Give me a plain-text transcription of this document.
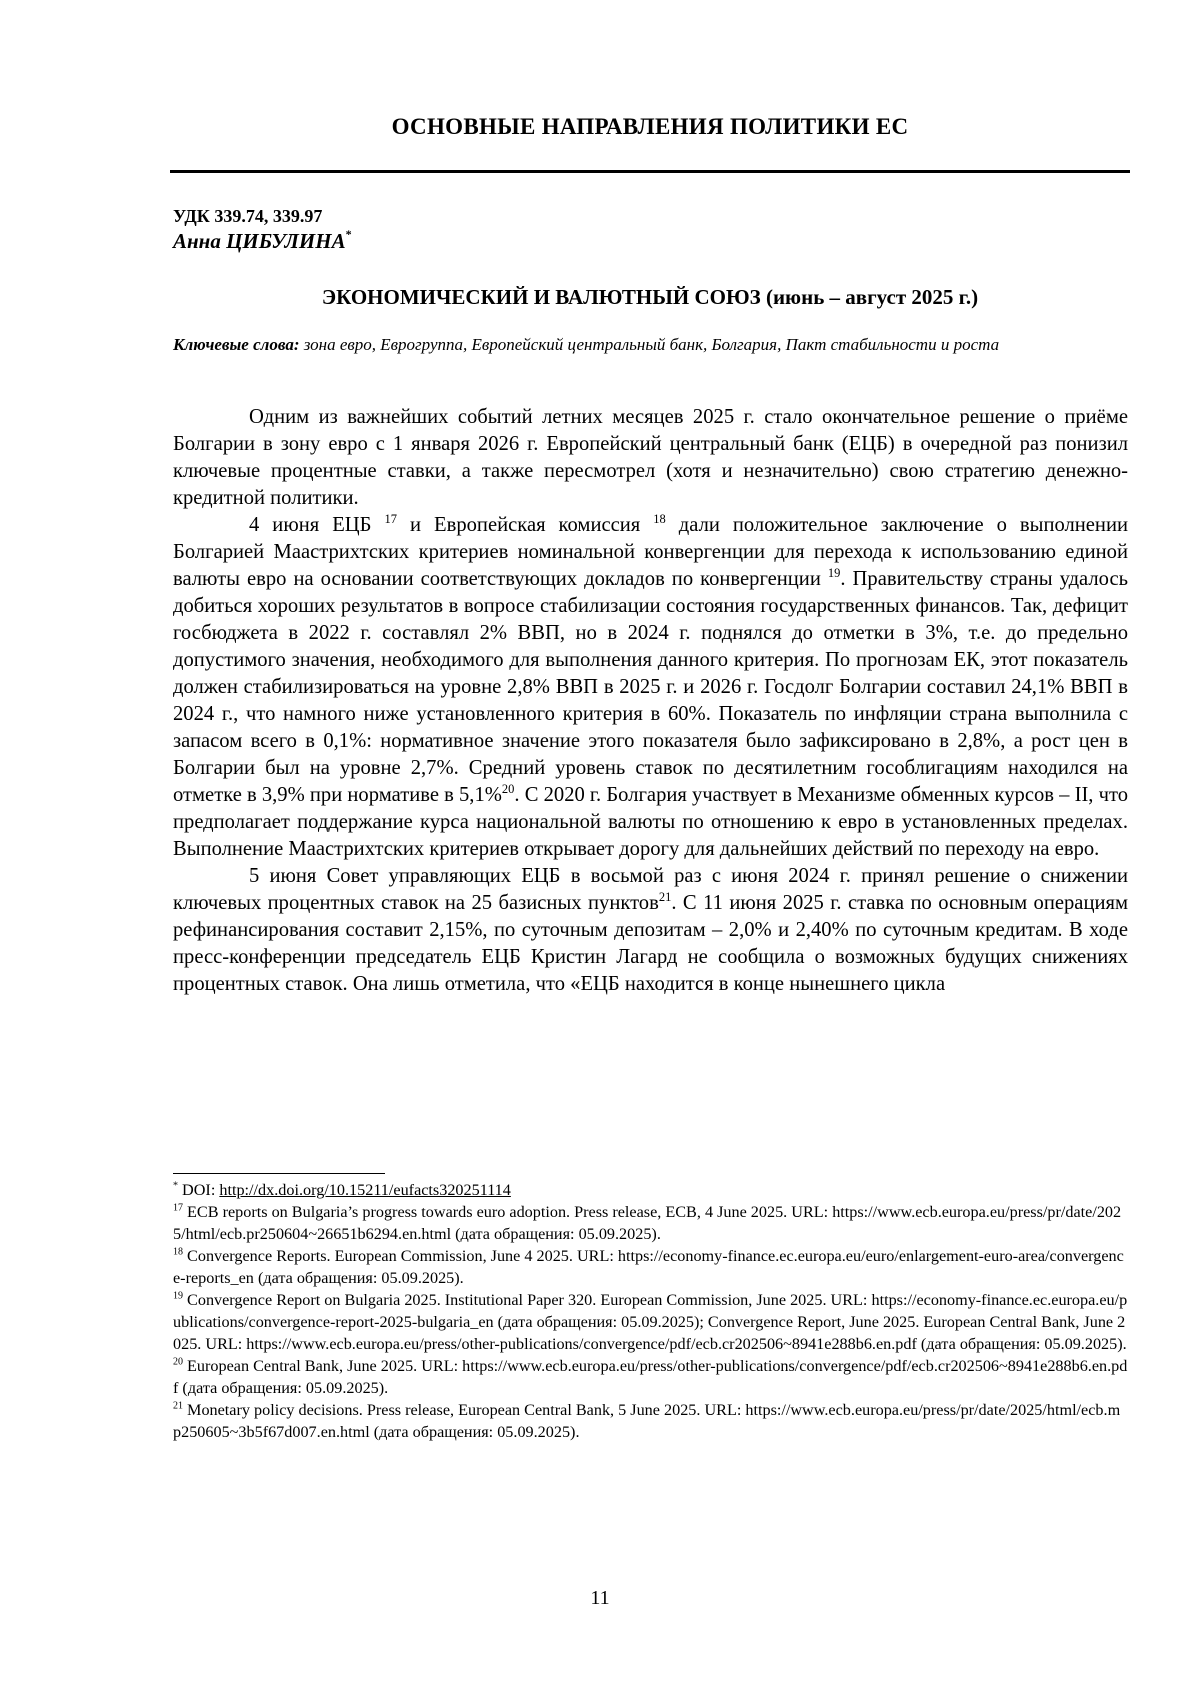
ОСНОВНЫЕ НАПРАВЛЕНИЯ ПОЛИТИКИ ЕС
УДК 339.74, 339.97
Анна ЦИБУЛИНА*
ЭКОНОМИЧЕСКИЙ И ВАЛЮТНЫЙ СОЮЗ (июнь – август 2025 г.)
Ключевые слова: зона евро, Еврогруппа, Европейский центральный банк, Болгария, Пакт стабильности и роста

Одним из важнейших событий летних месяцев 2025 г. стало окончательное решение о приёме Болгарии в зону евро с 1 января 2026 г. Европейский центральный банк (ЕЦБ) в очередной раз понизил ключевые процентные ставки, а также пересмотрел (хотя и незначительно) свою стратегию денежно-кредитной политики.

4 июня ЕЦБ $^{17}$ и Европейская комиссия $^{18}$ дали положительное заключение о выполнении Болгарией Маастрихтских критериев номинальной конвергенции для перехода к использованию единой валюты евро на основании соответствующих докладов по конвергенции $^{19}$. Правительству страны удалось добиться хороших результатов в вопросе стабилизации состояния государственных финансов. Так, дефицит госбюджета в 2022 г. составлял 2% ВВП, но в 2024 г. поднялся до отметки в 3%, т.е. до предельно допустимого значения, необходимого для выполнения данного критерия. По прогнозам ЕК, этот показатель должен стабилизироваться на уровне 2,8% ВВП в 2025 г. и 2026 г. Госдолг Болгарии составил 24,1% ВВП в 2024 г., что намного ниже установленного критерия в 60%. Показатель по инфляции страна выполнила с запасом всего в 0,1%: нормативное значение этого показателя было зафиксировано в 2,8%, а рост цен в Болгарии был на уровне 2,7%. Средний уровень ставок по десятилетним гособлигациям находился на отметке в 3,9% при нормативе в 5,1%$^{20}$. С 2020 г. Болгария участвует в Механизме обменных курсов – II, что предполагает поддержание курса национальной валюты по отношению к евро в установленных пределах. Выполнение Маастрихтских критериев открывает дорогу для дальнейших действий по переходу на евро.

5 июня Совет управляющих ЕЦБ в восьмой раз с июня 2024 г. принял решение о снижении ключевых процентных ставок на 25 базисных пунктов$^{21}$. С 11 июня 2025 г. ставка по основным операциям рефинансирования составит 2,15%, по суточным депозитам – 2,0% и 2,40% по суточным кредитам. В ходе пресс-конференции председатель ЕЦБ Кристин Лагард не сообщила о возможных будущих снижениях процентных ставок. Она лишь отметила, что «ЕЦБ находится в конце нынешнего цикла

* DOI: http://dx.doi.org/10.15211/eufacts320251114

$^{17}$ ECB reports on Bulgaria’s progress towards euro adoption. Press release, ECB, 4 June 2025. URL: https://www.ecb.europa.eu/press/pr/date/2025/html/ecb.pr250604~26651b6294.en.html (дата обращения: 05.09.2025).

$^{18}$ Convergence Reports. European Commission, June 4 2025. URL: https://economy-finance.ec.europa.eu/euro/enlargement-euro-area/convergence-reports_en (дата обращения: 05.09.2025).

$^{19}$ Convergence Report on Bulgaria 2025. Institutional Paper 320. European Commission, June 2025. URL: https://economy-finance.ec.europa.eu/publications/convergence-report-2025-bulgaria_en (дата обращения: 05.09.2025); Convergence Report, June 2025. European Central Bank, June 2025. URL: https://www.ecb.europa.eu/press/other-publications/convergence/pdf/ecb.cr202506~8941e288b6.en.pdf (дата обращения: 05.09.2025).

$^{20}$ European Central Bank, June 2025. URL: https://www.ecb.europa.eu/press/other-publications/convergence/pdf/ecb.cr202506~8941e288b6.en.pdf (дата обращения: 05.09.2025).

$^{21}$ Monetary policy decisions. Press release, European Central Bank, 5 June 2025. URL: https://www.ecb.europa.eu/press/pr/date/2025/html/ecb.mp250605~3b5f67d007.en.html (дата обращения: 05.09.2025).

11
